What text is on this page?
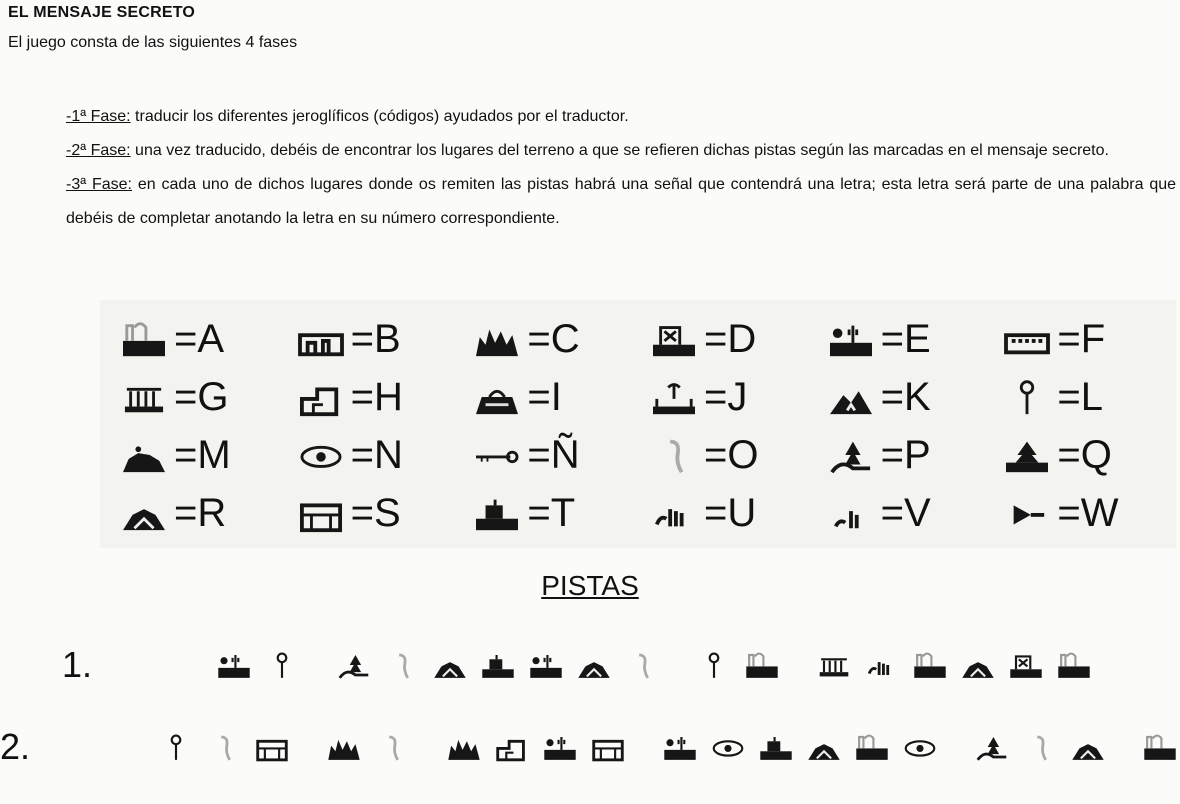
EL MENSAJE SECRETO
El juego consta de las siguientes 4 fases
-1ª Fase: traducir los diferentes jeroglíficos (códigos) ayudados por el traductor.
-2ª Fase: una vez traducido, debéis de encontrar los lugares del terreno a que se refieren dichas pistas según las marcadas en el mensaje secreto.
-3ª Fase: en cada uno de dichos lugares donde os remiten las pistas habrá una señal que contendrá una letra; esta letra será parte de una palabra que debéis de completar anotando la letra en su número correspondiente.
=A	=B	=C	=D	=E	=F
=G	=H	=I	=J	=K	=L
=M	=N	=Ñ	=O	=P	=Q
=R	=S	=T	=U	=V	=W
PISTAS
1.
2.
